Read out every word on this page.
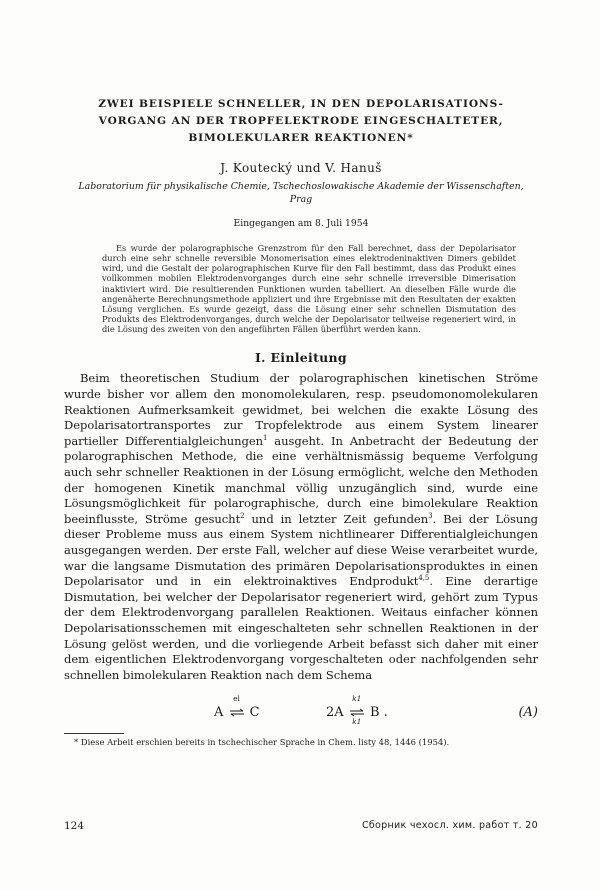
ZWEI BEISPIELE SCHNELLER, IN DEN DEPOLARISATIONS-

VORGANG AN DER TROPFELEKTRODE EINGESCHALTETER,

BIMOLEKULARER REAKTIONEN*

J. Koutecký und V. Hanuš
Laboratorium für physikalische Chemie, Tschechoslowakische Akademie der Wissenschaften, Prag
Eingegangen am 8. Juli 1954

Es wurde der polarographische Grenzstrom für den Fall berechnet, dass der Depolarisator durch eine sehr schnelle reversible Monomerisation eines elektrodeninaktiven Dimers gebildet wird, und die Gestalt der polarographischen Kurve für den Fall bestimmt, dass das Produkt eines vollkommen mobilen Elektrodenvorganges durch eine sehr schnelle irreversible Dimerisation inaktiviert wird. Die resultierenden Funktionen wurden tabelliert. An dieselben Fälle wurde die angenäherte Berechnungsmethode appliziert und ihre Ergebnisse mit den Resultaten der exakten Lösung verglichen. Es wurde gezeigt, dass die Lösung einer sehr schnellen Dismutation des Produkts des Elektrodenvorganges, durch welche der Depolarisator teilweise regeneriert wird, in die Lösung des zweiten von den angeführten Fällen überführt werden kann.

I. Einleitung

Beim theoretischen Studium der polarographischen kinetischen Ströme wurde bisher vor allem den monomolekularen, resp. pseudomonomolekularen Reaktionen Aufmerksamkeit gewidmet, bei welchen die exakte Lösung des Depolarisatortransportes zur Tropfelektrode aus einem System linearer partieller Differentialgleichungen$^1$ ausgeht. In Anbetracht der Bedeutung der polarographischen Methode, die eine verhältnismässig bequeme Verfolgung auch sehr schneller Reaktionen in der Lösung ermöglicht, welche den Methoden der homogenen Kinetik manchmal völlig unzugänglich sind, wurde eine Lösungsmöglichkeit für polarographische, durch eine bimolekulare Reaktion beeinflusste, Ströme gesucht$^2$ und in letzter Zeit gefunden$^3$. Bei der Lösung dieser Probleme muss aus einem System nichtlinearer Differentialgleichungen ausgegangen werden. Der erste Fall, welcher auf diese Weise verarbeitet wurde, war die langsame Dismutation des primären Depolarisationsproduktes in einen Depolarisator und in ein elektroinaktives Endprodukt$^{4,5}$. Eine derartige Dismutation, bei welcher der Depolarisator regeneriert wird, gehört zum Typus der dem Elektrodenvorgang parallelen Reaktionen. Weitaus einfacher können Depolarisationsschemen mit eingeschalteten sehr schnellen Reaktionen in der Lösung gelöst werden, und die vorliegende Arbeit befasst sich daher mit einer dem eigentlichen Elektrodenvorgang vorgeschalteten oder nachfolgenden sehr schnellen bimolekularen Reaktion nach dem Schema

A
el
C	2A
k1
k1
B .	(A)
* Diese Arbeit erschien bereits in tschechischer Sprache in Chem. listy 48, 1446 (1954).
124	Сборник чехосл. хим. работ т. 20
